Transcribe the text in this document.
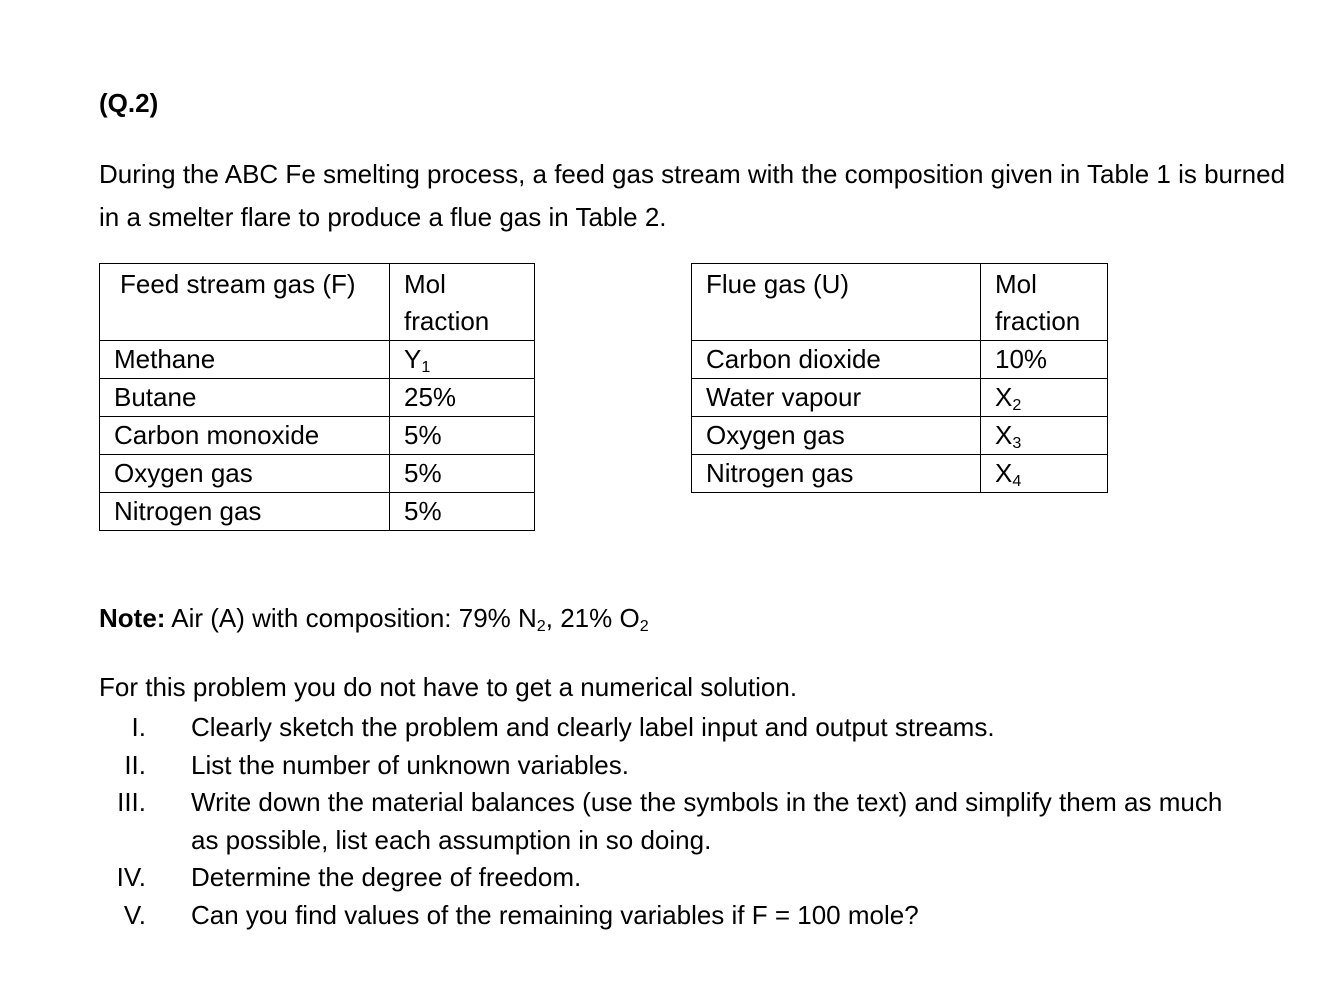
(Q.2)
During the ABC Fe smelting process, a feed gas stream with the composition given in Table 1 is burned in a smelter flare to produce a flue gas in Table 2.
Feed stream gas (F)	Mol fraction
Methane	$Y_1$
Butane	25%
Carbon monoxide	5%
Oxygen gas	5%
Nitrogen gas	5%
Flue gas (U)	Mol fraction
Carbon dioxide	10%
Water vapour	$X_2$
Oxygen gas	$X_3$
Nitrogen gas	$X_4$
Note: Air (A) with composition: 79% $N_2$, 21% $O_2$
For this problem you do not have to get a numerical solution.
I. Clearly sketch the problem and clearly label input and output streams.
II. List the number of unknown variables.
III. Write down the material balances (use the symbols in the text) and simplify them as much as possible, list each assumption in so doing.
IV. Determine the degree of freedom.
V. Can you find values of the remaining variables if F = 100 mole?
